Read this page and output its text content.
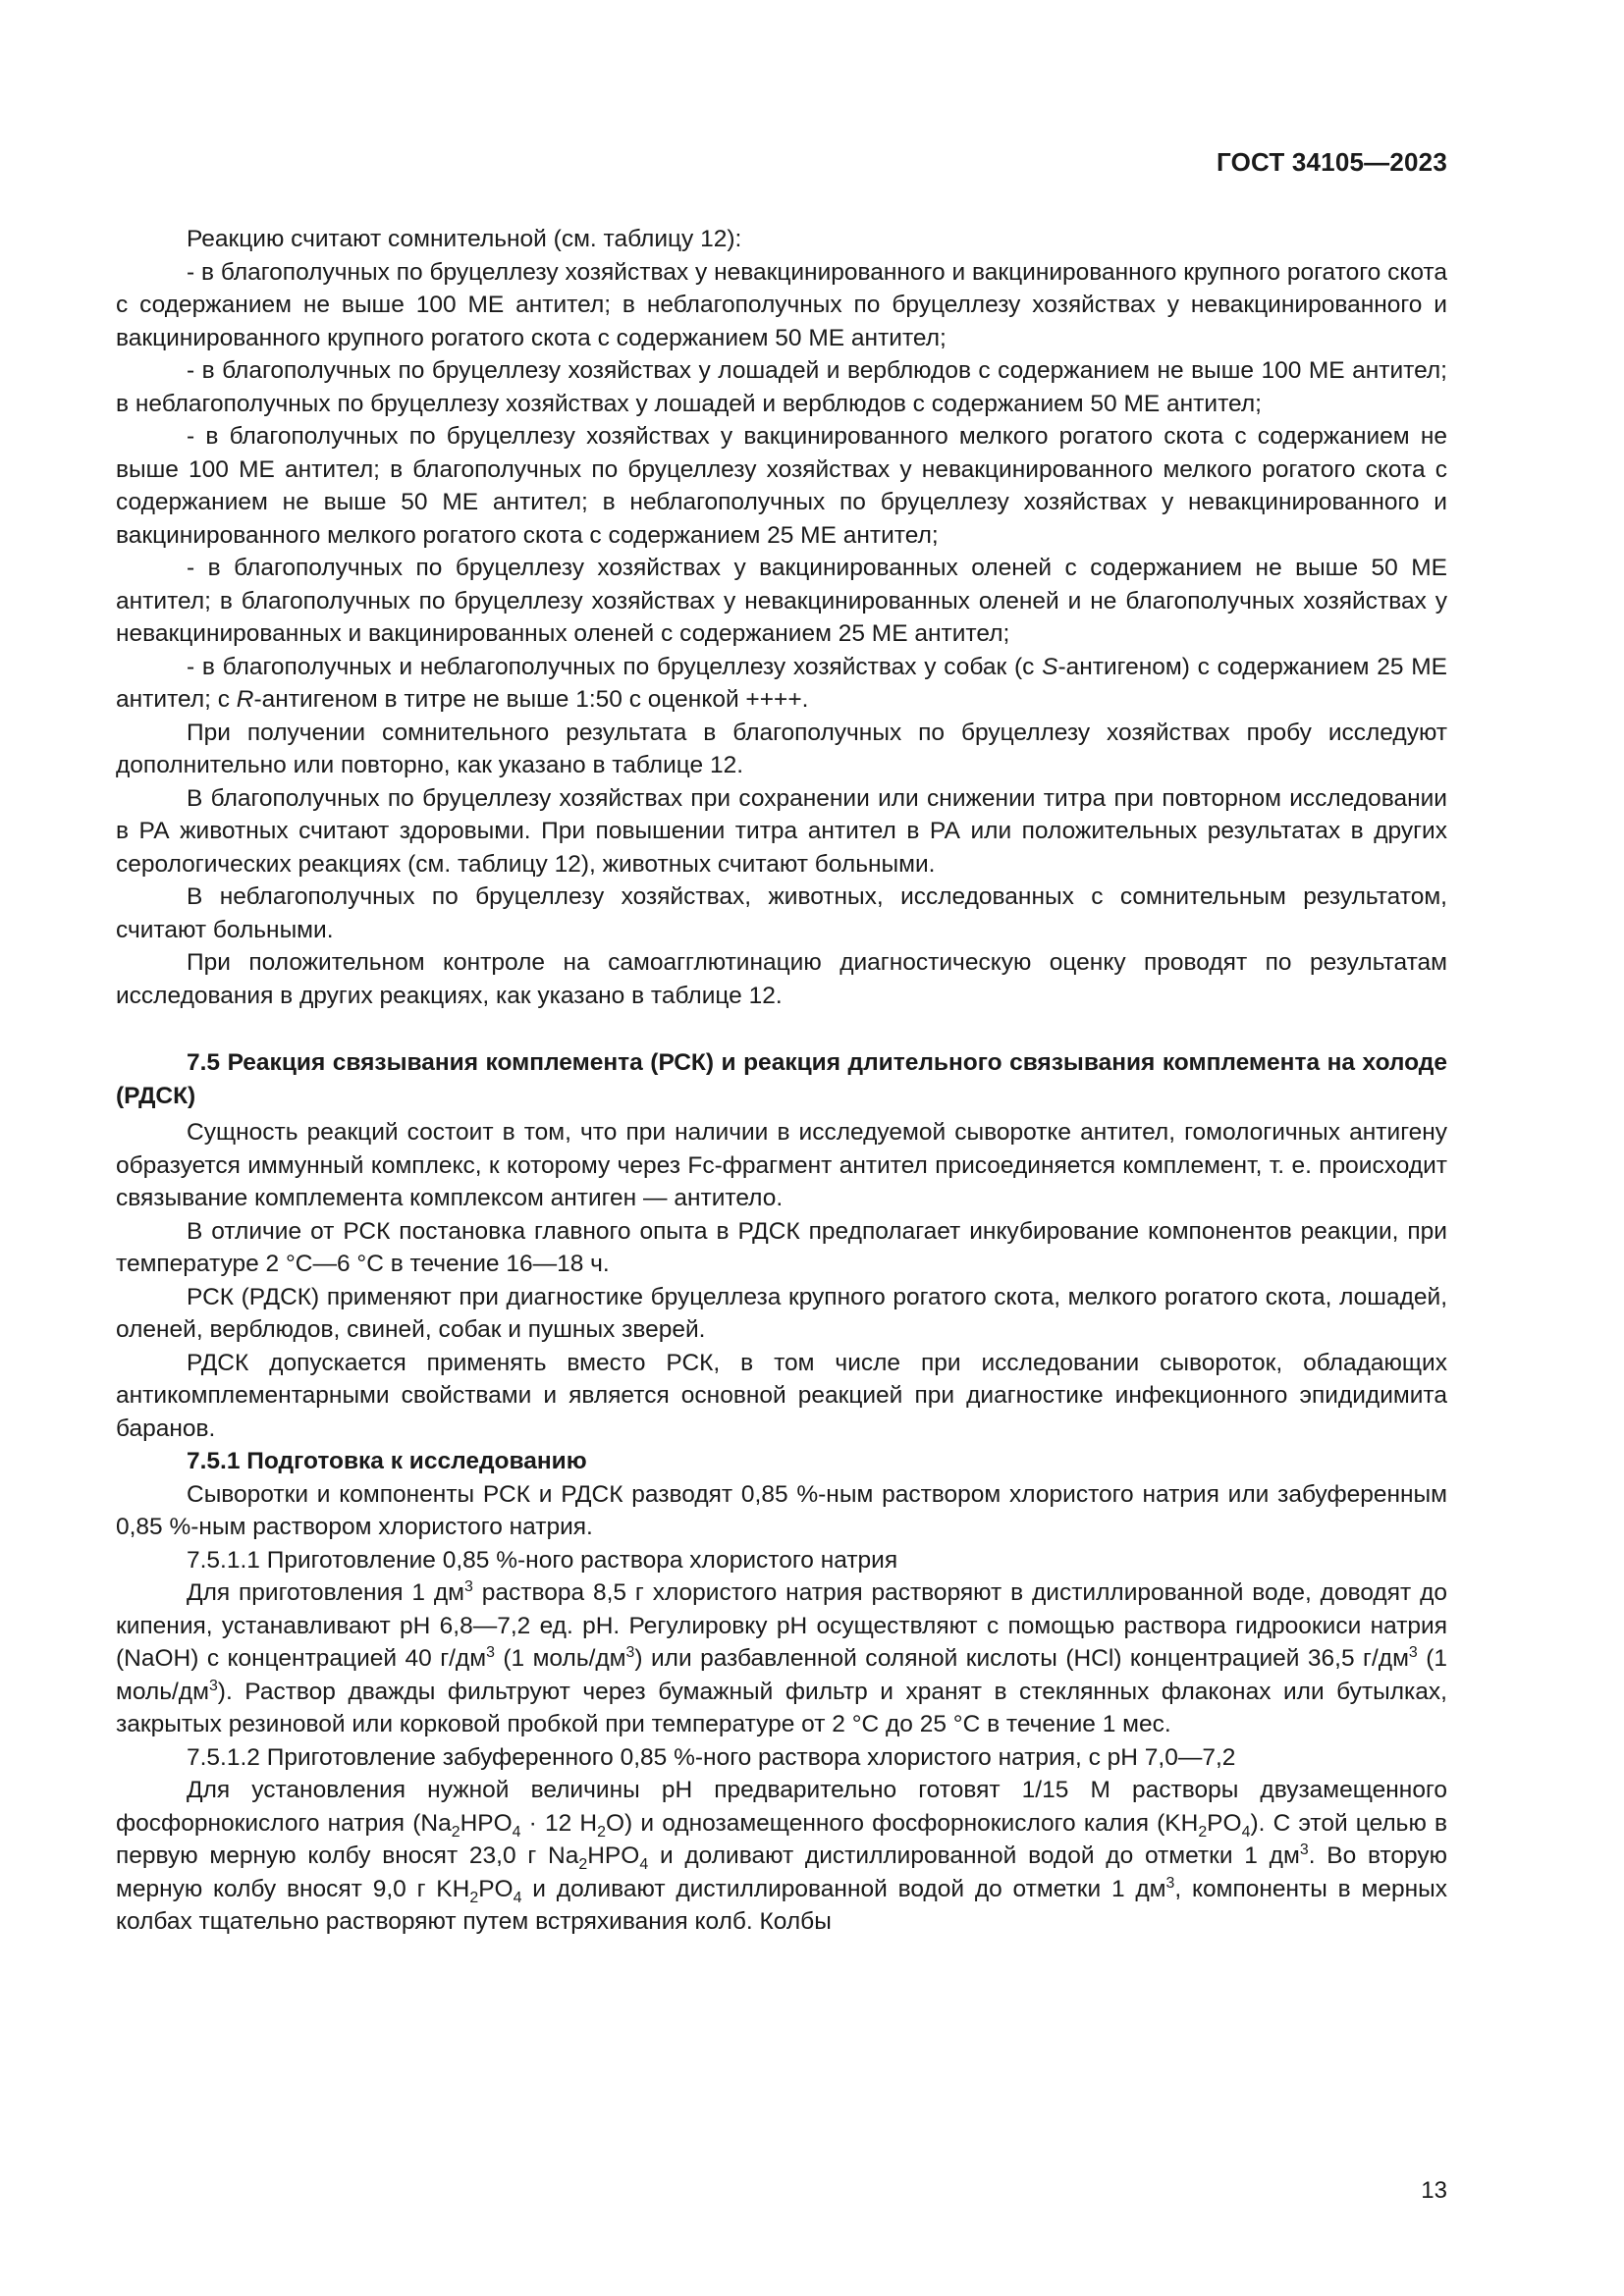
ГОСТ 34105—2023

Реакцию считают сомнительной (см. таблицу 12):

- в благополучных по бруцеллезу хозяйствах у невакцинированного и вакцинированного крупного рогатого скота с содержанием не выше 100 МЕ антител; в неблагополучных по бруцеллезу хозяйствах у невакцинированного и вакцинированного крупного рогатого скота с содержанием 50 МЕ антител;

- в благополучных по бруцеллезу хозяйствах у лошадей и верблюдов с содержанием не выше 100 МЕ антител; в неблагополучных по бруцеллезу хозяйствах у лошадей и верблюдов с содержанием 50 МЕ антител;

- в благополучных по бруцеллезу хозяйствах у вакцинированного мелкого рогатого скота с содержанием не выше 100 МЕ антител; в благополучных по бруцеллезу хозяйствах у невакцинированного мелкого рогатого скота с содержанием не выше 50 МЕ антител; в неблагополучных по бруцеллезу хозяйствах у невакцинированного и вакцинированного мелкого рогатого скота с содержанием 25 МЕ антител;

- в благополучных по бруцеллезу хозяйствах у вакцинированных оленей с содержанием не выше 50 МЕ антител; в благополучных по бруцеллезу хозяйствах у невакцинированных оленей и не благополучных хозяйствах у невакцинированных и вакцинированных оленей с содержанием 25 МЕ антител;

- в благополучных и неблагополучных по бруцеллезу хозяйствах у собак (с S-антигеном) с содержанием 25 МЕ антител; с R-антигеном в титре не выше 1:50 с оценкой ++++.

При получении сомнительного результата в благополучных по бруцеллезу хозяйствах пробу исследуют дополнительно или повторно, как указано в таблице 12.

В благополучных по бруцеллезу хозяйствах при сохранении или снижении титра при повторном исследовании в РА животных считают здоровыми. При повышении титра антител в РА или положительных результатах в других серологических реакциях (см. таблицу 12), животных считают больными.

В неблагополучных по бруцеллезу хозяйствах, животных, исследованных с сомнительным результатом, считают больными.

При положительном контроле на самоагглютинацию диагностическую оценку проводят по результатам исследования в других реакциях, как указано в таблице 12.

7.5 Реакция связывания комплемента (РСК) и реакция длительного связывания комплемента на холоде (РДСК)

Сущность реакций состоит в том, что при наличии в исследуемой сыворотке антител, гомологичных антигену образуется иммунный комплекс, к которому через Fc-фрагмент антител присоединяется комплемент, т. е. происходит связывание комплемента комплексом антиген — антитело.

В отличие от РСК постановка главного опыта в РДСК предполагает инкубирование компонентов реакции, при температуре 2 °С—6 °С в течение 16—18 ч.

РСК (РДСК) применяют при диагностике бруцеллеза крупного рогатого скота, мелкого рогатого скота, лошадей, оленей, верблюдов, свиней, собак и пушных зверей.

РДСК допускается применять вместо РСК, в том числе при исследовании сывороток, обладающих антикомплементарными свойствами и является основной реакцией при диагностике инфекционного эпидидимита баранов.

7.5.1 Подготовка к исследованию

Сыворотки и компоненты РСК и РДСК разводят 0,85 %-ным раствором хлористого натрия или забуференным 0,85 %-ным раствором хлористого натрия.

7.5.1.1 Приготовление 0,85 %-ного раствора хлористого натрия

Для приготовления 1 $дм^3$ раствора 8,5 г хлористого натрия растворяют в дистиллированной воде, доводят до кипения, устанавливают pH 6,8—7,2 ед. pH. Регулировку pH осуществляют с помощью раствора гидроокиси натрия (NaOH) с концентрацией 40 $г/дм^3$ (1 моль/$дм^3$) или разбавленной соляной кислоты (HCl) концентрацией 36,5 $г/дм^3$ (1 моль/$дм^3$). Раствор дважды фильтруют через бумажный фильтр и хранят в стеклянных флаконах или бутылках, закрытых резиновой или корковой пробкой при температуре от 2 °С до 25 °С в течение 1 мес.

7.5.1.2 Приготовление забуференного 0,85 %-ного раствора хлористого натрия, с pH 7,0—7,2

Для установления нужной величины pH предварительно готовят 1/15 М растворы двузамещенного фосфорнокислого натрия ($Na_2HPO_4 \cdot 12$ $H_2O$) и однозамещенного фосфорнокислого калия $(KH_2PO_4)$. С этой целью в первую мерную колбу вносят 23,0 г $Na_2HPO_4$ и доливают дистиллированной водой до отметки 1 $дм^3$. Во вторую мерную колбу вносят 9,0 г $KH_2PO_4$ и доливают дистиллированной водой до отметки 1 $дм^3$, компоненты в мерных колбах тщательно растворяют путем встряхивания колб. Колбы

13
